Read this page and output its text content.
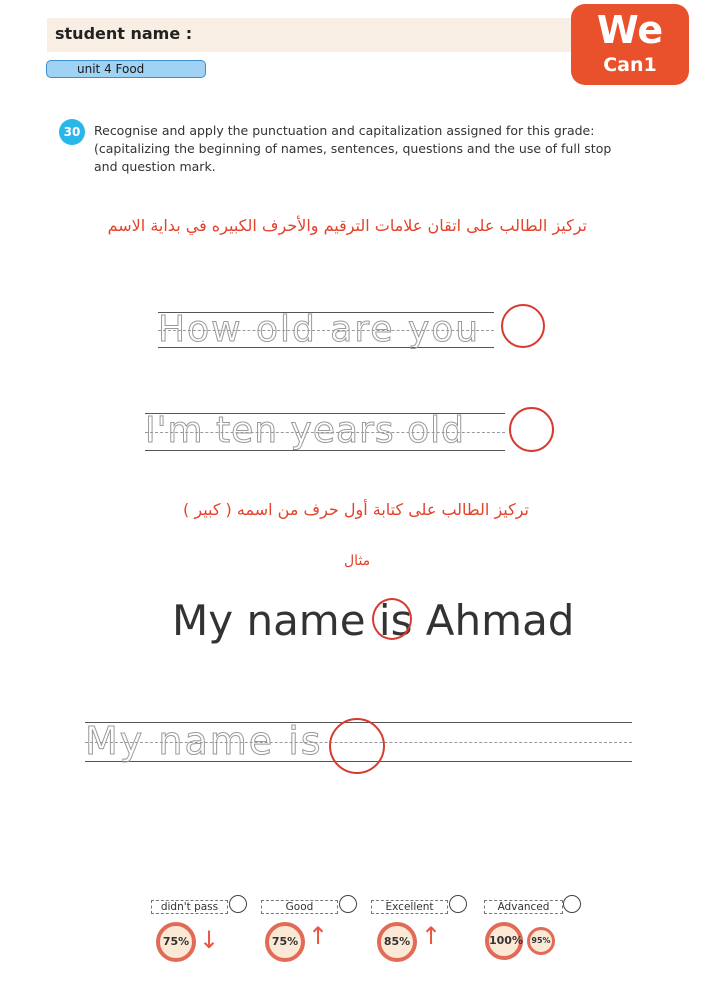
student name :
unit 4 Food
We
Can1
30	Recognise and apply the punctuation and capitalization assigned for this grade: (capitalizing the beginning of names, sentences, questions and the use of full stop and question mark.
تركيز الطالب على اتقان علامات الترقيم والأحرف الكبيره في بداية الاسم
How old are you
I'm ten years old
تركيز الطالب على كتابة أول حرف من اسمه ( كبير )
مثال
My name is Ahmad
My name is
didn't pass	Good	Excellent	Advanced
75% ↓	75% ↑	85% ↑	100%	95%
